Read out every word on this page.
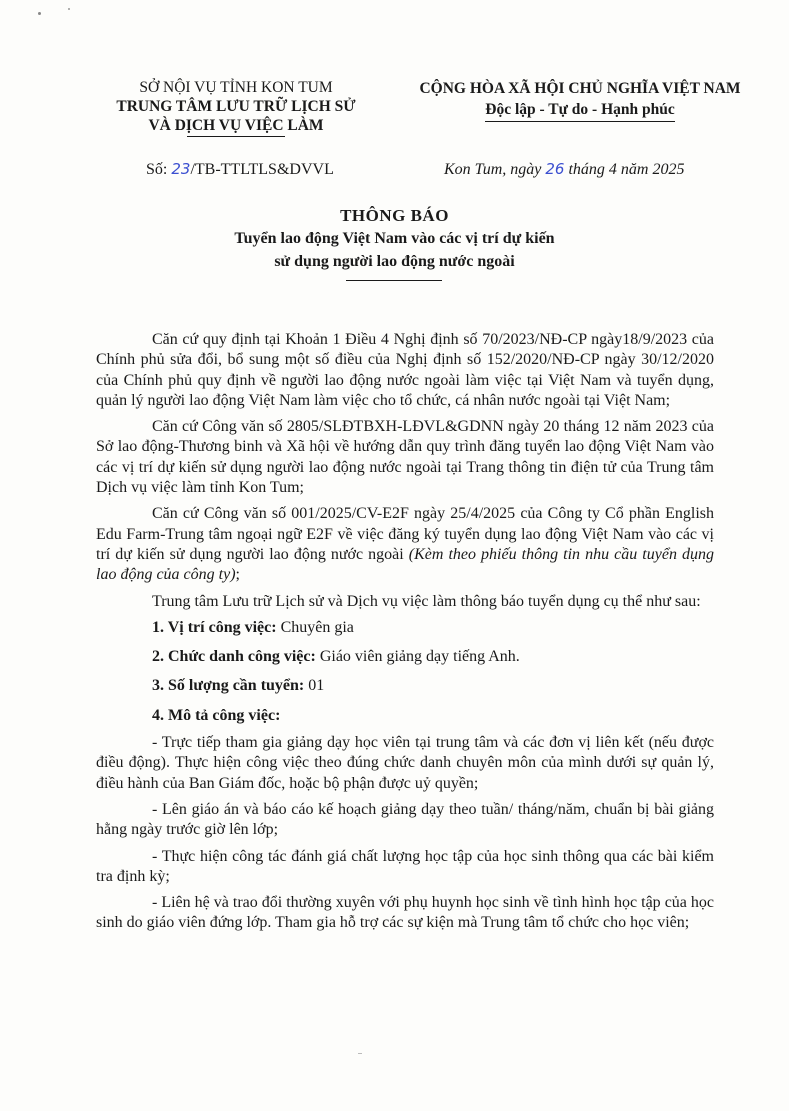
SỞ NỘI VỤ TỈNH KON TUM
TRUNG TÂM LƯU TRỮ LỊCH SỬ
VÀ DỊCH VỤ VIỆC LÀM
CỘNG HÒA XÃ HỘI CHỦ NGHĨA VIỆT NAM
Độc lập - Tự do - Hạnh phúc
Số: 23/TB-TTLTLS&DVVL	Kon Tum, ngày 26 tháng 4 năm 2025
THÔNG BÁO
Tuyển lao động Việt Nam vào các vị trí dự kiến
sử dụng người lao động nước ngoài

Căn cứ quy định tại Khoản 1 Điều 4 Nghị định số 70/2023/NĐ-CP ngày18/9/2023 của Chính phủ sửa đổi, bổ sung một số điều của Nghị định số 152/2020/NĐ-CP ngày 30/12/2020 của Chính phủ quy định về người lao động nước ngoài làm việc tại Việt Nam và tuyển dụng, quản lý người lao động Việt Nam làm việc cho tổ chức, cá nhân nước ngoài tại Việt Nam;

Căn cứ Công văn số 2805/SLĐTBXH-LĐVL&GDNN ngày 20 tháng 12 năm 2023 của Sở lao động-Thương binh và Xã hội về hướng dẫn quy trình đăng tuyển lao động Việt Nam vào các vị trí dự kiến sử dụng người lao động nước ngoài tại Trang thông tin điện tử của Trung tâm Dịch vụ việc làm tỉnh Kon Tum;

Căn cứ Công văn số 001/2025/CV-E2F ngày 25/4/2025 của Công ty Cổ phần English Edu Farm-Trung tâm ngoại ngữ E2F về việc đăng ký tuyển dụng lao động Việt Nam vào các vị trí dự kiến sử dụng người lao động nước ngoài (Kèm theo phiếu thông tin nhu cầu tuyển dụng lao động của công ty);

Trung tâm Lưu trữ Lịch sử và Dịch vụ việc làm thông báo tuyển dụng cụ thể như sau:

1. Vị trí công việc: Chuyên gia

2. Chức danh công việc: Giáo viên giảng dạy tiếng Anh.

3. Số lượng cần tuyển: 01

4. Mô tả công việc:

- Trực tiếp tham gia giảng dạy học viên tại trung tâm và các đơn vị liên kết (nếu được điều động). Thực hiện công việc theo đúng chức danh chuyên môn của mình dưới sự quản lý, điều hành của Ban Giám đốc, hoặc bộ phận được uỷ quyền;

- Lên giáo án và báo cáo kế hoạch giảng dạy theo tuần/ tháng/năm, chuẩn bị bài giảng hằng ngày trước giờ lên lớp;

- Thực hiện công tác đánh giá chất lượng học tập của học sinh thông qua các bài kiểm tra định kỳ;

- Liên hệ và trao đổi thường xuyên với phụ huynh học sinh về tình hình học tập của học sinh do giáo viên đứng lớp. Tham gia hỗ trợ các sự kiện mà Trung tâm tổ chức cho học viên;
